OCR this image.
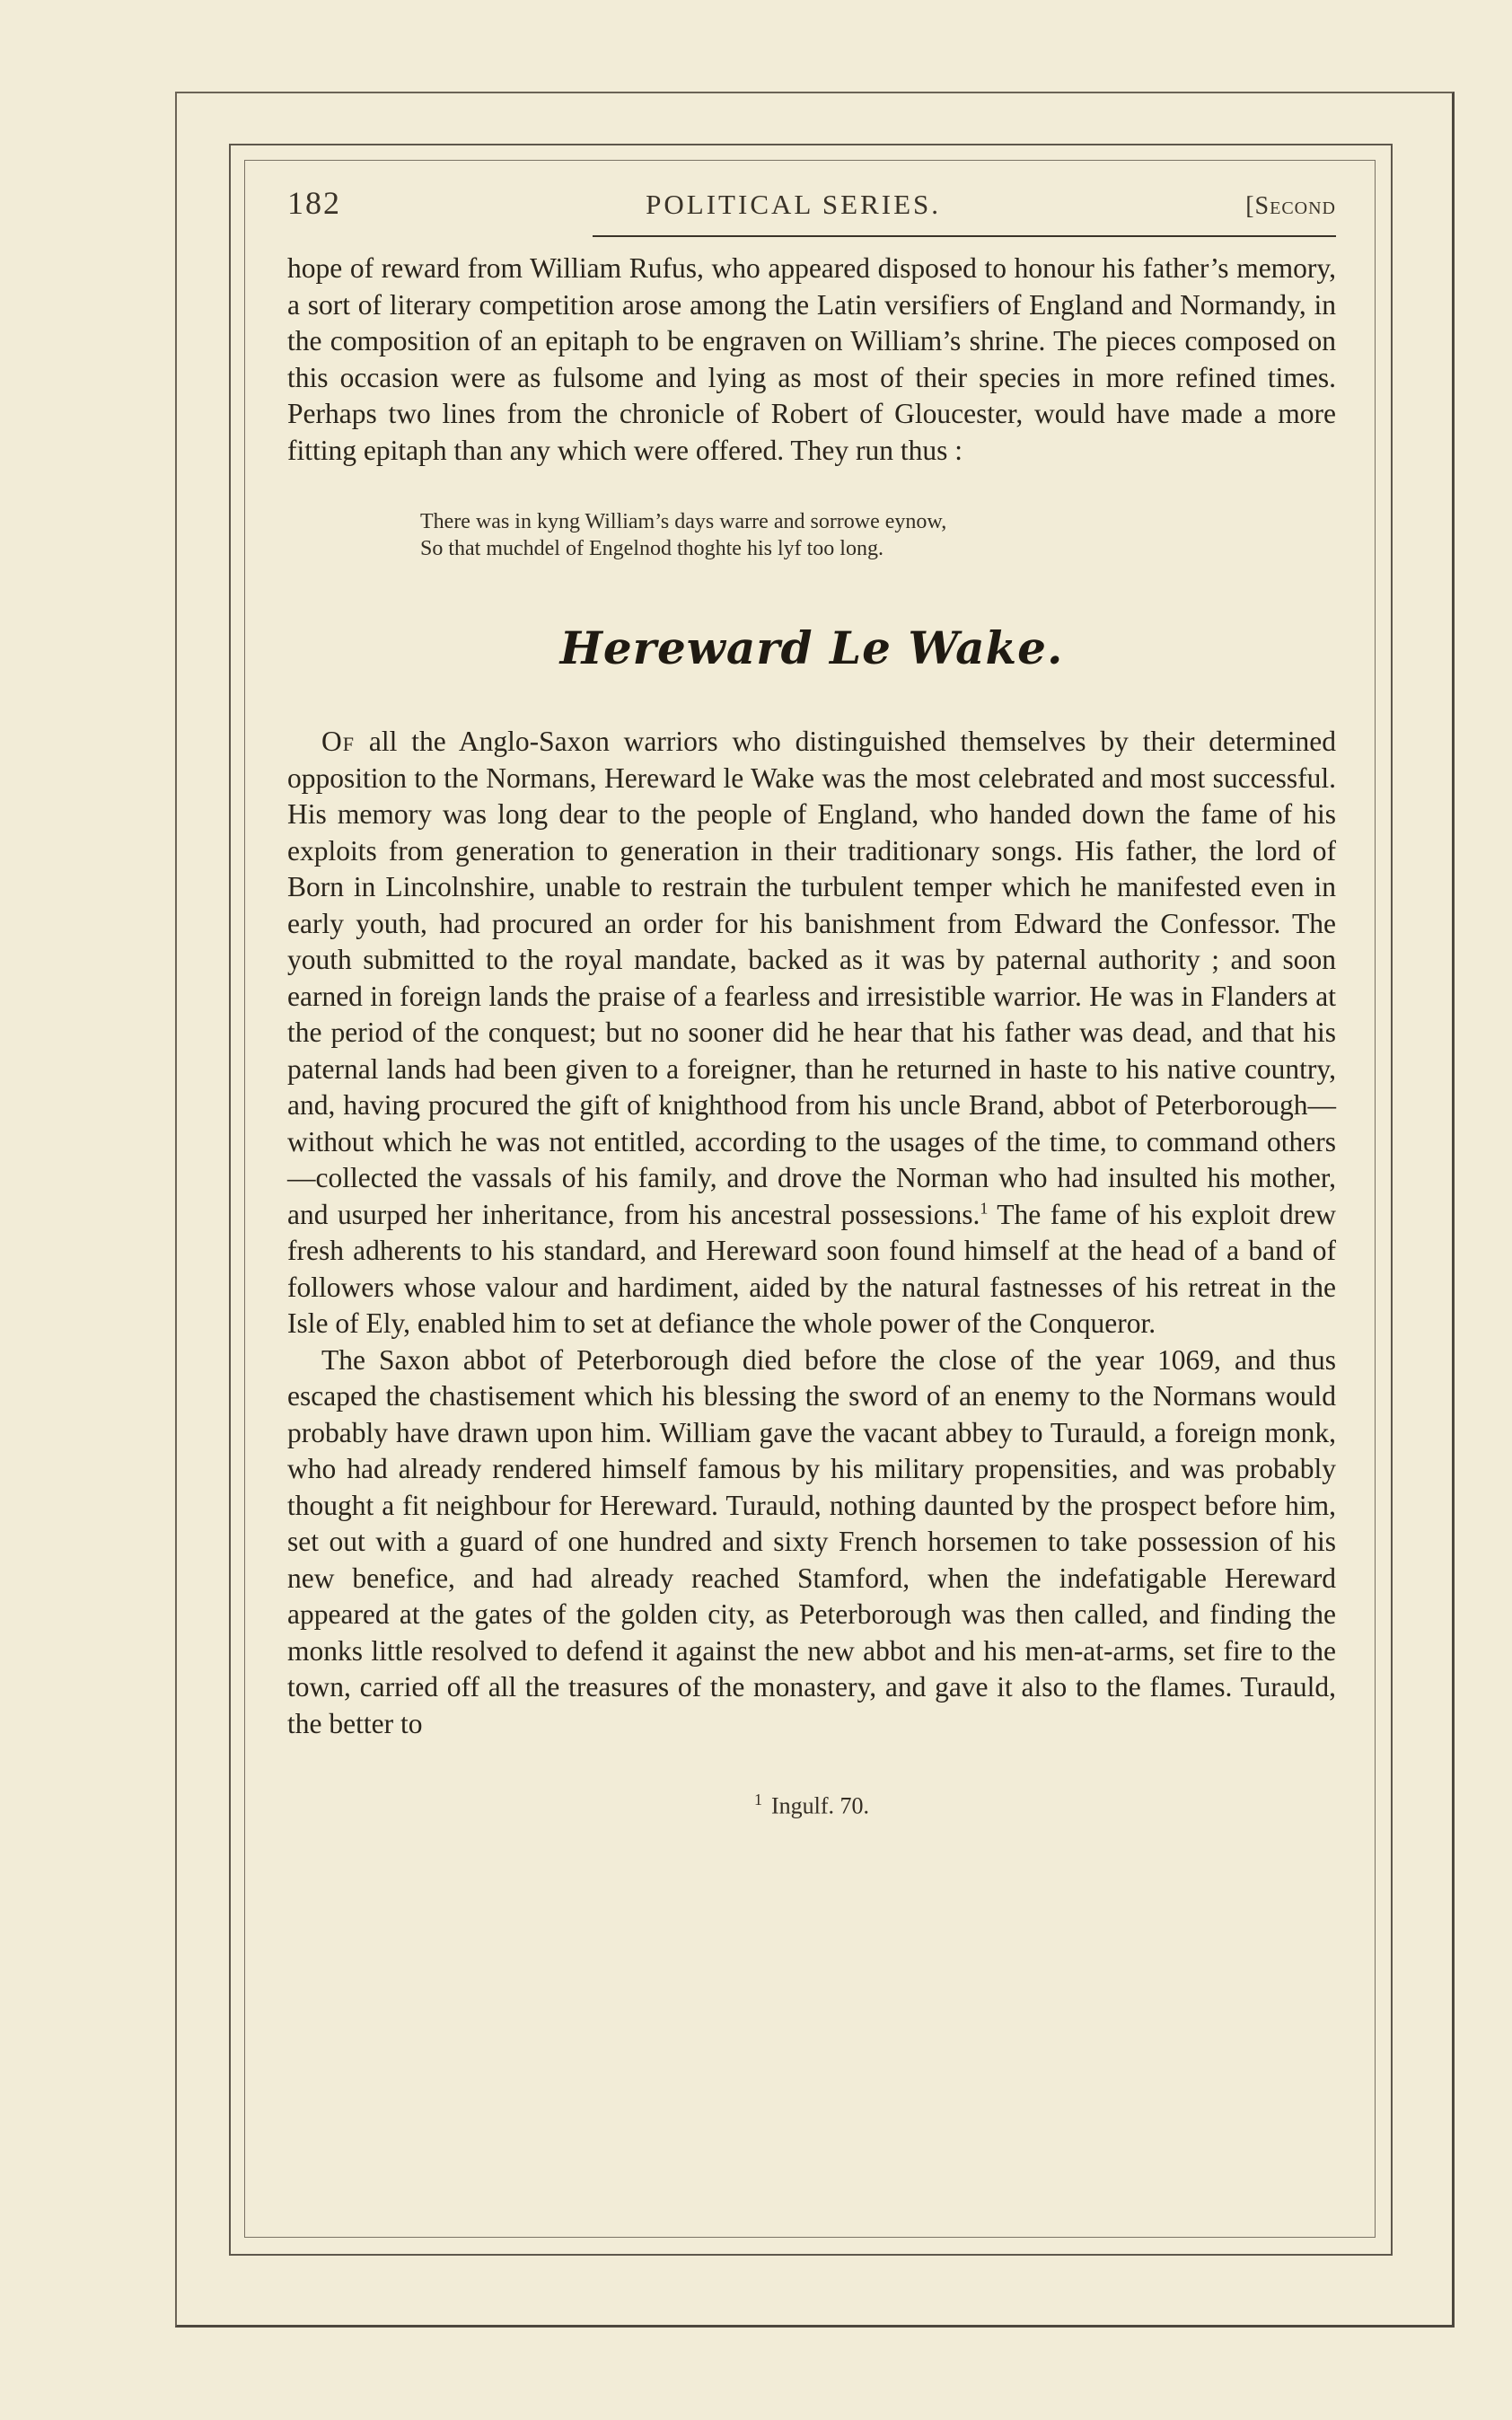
182	POLITICAL SERIES.	[Second

hope of reward from William Rufus, who appeared disposed to honour his father’s memory, a sort of literary competition arose among the Latin versifiers of England and Normandy, in the composition of an epitaph to be engraven on William’s shrine. The pieces composed on this occasion were as fulsome and lying as most of their species in more refined times. Perhaps two lines from the chronicle of Robert of Gloucester, would have made a more fitting epitaph than any which were offered. They run thus :

There was in kyng William’s days warre and sorrowe eynow,
So that muchdel of Engelnod thoghte his lyf too long.
Hereward Le Wake.

Of all the Anglo-Saxon warriors who distinguished themselves by their determined opposition to the Normans, Hereward le Wake was the most celebrated and most successful. His memory was long dear to the people of England, who handed down the fame of his exploits from generation to generation in their traditionary songs. His father, the lord of Born in Lincolnshire, unable to restrain the turbulent temper which he manifested even in early youth, had procured an order for his banishment from Edward the Confessor. The youth submitted to the royal mandate, backed as it was by paternal authority ; and soon earned in foreign lands the praise of a fearless and irresistible warrior. He was in Flanders at the period of the conquest; but no sooner did he hear that his father was dead, and that his paternal lands had been given to a foreigner, than he returned in haste to his native country, and, having procured the gift of knighthood from his uncle Brand, abbot of Peterborough—without which he was not entitled, according to the usages of the time, to command others—collected the vassals of his family, and drove the Norman who had insulted his mother, and usurped her inheritance, from his ancestral possessions.$^1$ The fame of his exploit drew fresh adherents to his standard, and Hereward soon found himself at the head of a band of followers whose valour and hardiment, aided by the natural fastnesses of his retreat in the Isle of Ely, enabled him to set at defiance the whole power of the Conqueror.

The Saxon abbot of Peterborough died before the close of the year 1069, and thus escaped the chastisement which his blessing the sword of an enemy to the Normans would probably have drawn upon him. William gave the vacant abbey to Turauld, a foreign monk, who had already rendered himself famous by his military propensities, and was probably thought a fit neighbour for Hereward. Turauld, nothing daunted by the prospect before him, set out with a guard of one hundred and sixty French horsemen to take possession of his new benefice, and had already reached Stamford, when the indefatigable Hereward appeared at the gates of the golden city, as Peterborough was then called, and finding the monks little resolved to defend it against the new abbot and his men-at-arms, set fire to the town, carried off all the treasures of the monastery, and gave it also to the flames. Turauld, the better to

$^1$ Ingulf. 70.
